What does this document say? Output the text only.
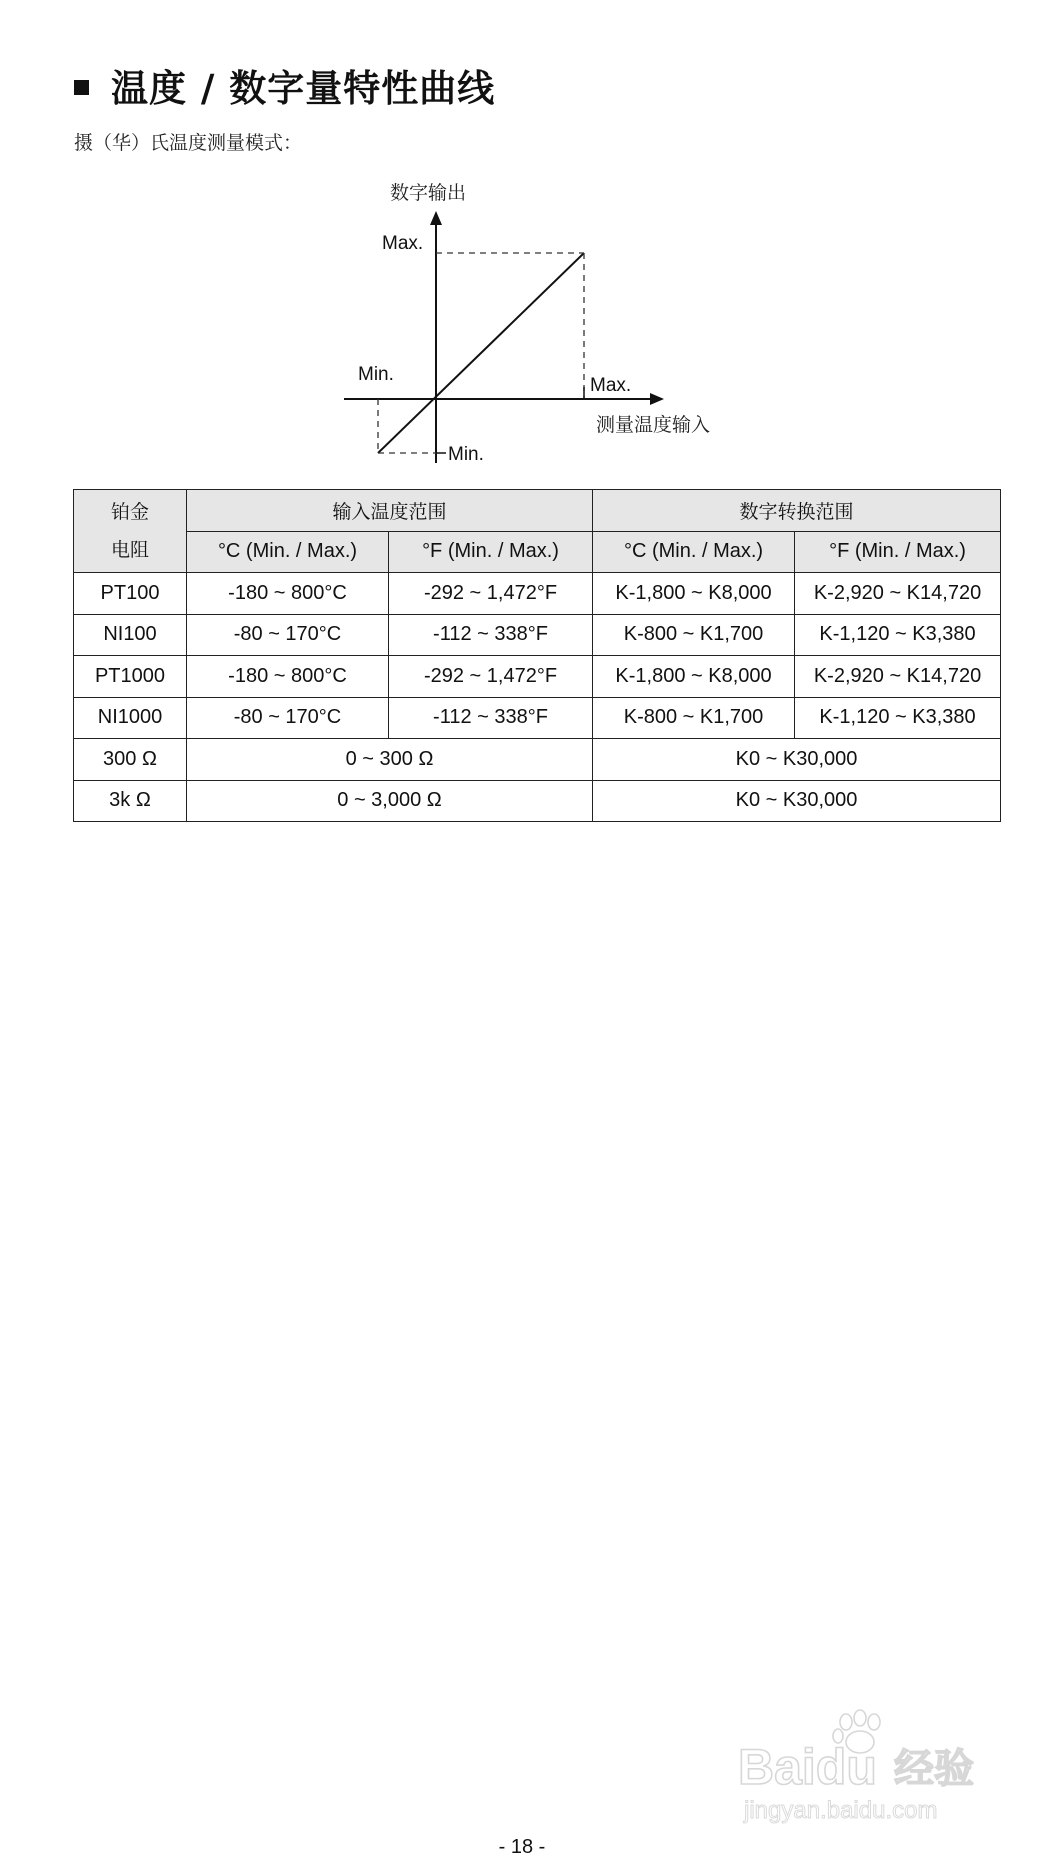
温度 / 数字量特性曲线
摄（华）氏温度测量模式：
数字输出
测量温度输入
Max.
Max.
Min.
Min.
铂金
电阻	输入温度范围		数字转换范围	
	°C (Min. / Max.)	°F (Min. / Max.)	°C (Min. / Max.)	°F (Min. / Max.)
PT100	-180 ~ 800°C	-292 ~ 1,472°F	K-1,800 ~ K8,000	K-2,920 ~ K14,720
NI100	-80 ~ 170°C	-112 ~ 338°F	K-800 ~ K1,700	K-1,120 ~ K3,380
PT1000	-180 ~ 800°C	-292 ~ 1,472°F	K-1,800 ~ K8,000	K-2,920 ~ K14,720
NI1000	-80 ~ 170°C	-112 ~ 338°F	K-800 ~ K1,700	K-1,120 ~ K3,380
300 Ω	0 ~ 300 Ω		K0 ~ K30,000	
3k Ω	0 ~ 3,000 Ω		K0 ~ K30,000	
Baidu 经验
jingyan.baidu.com
- 18 -
